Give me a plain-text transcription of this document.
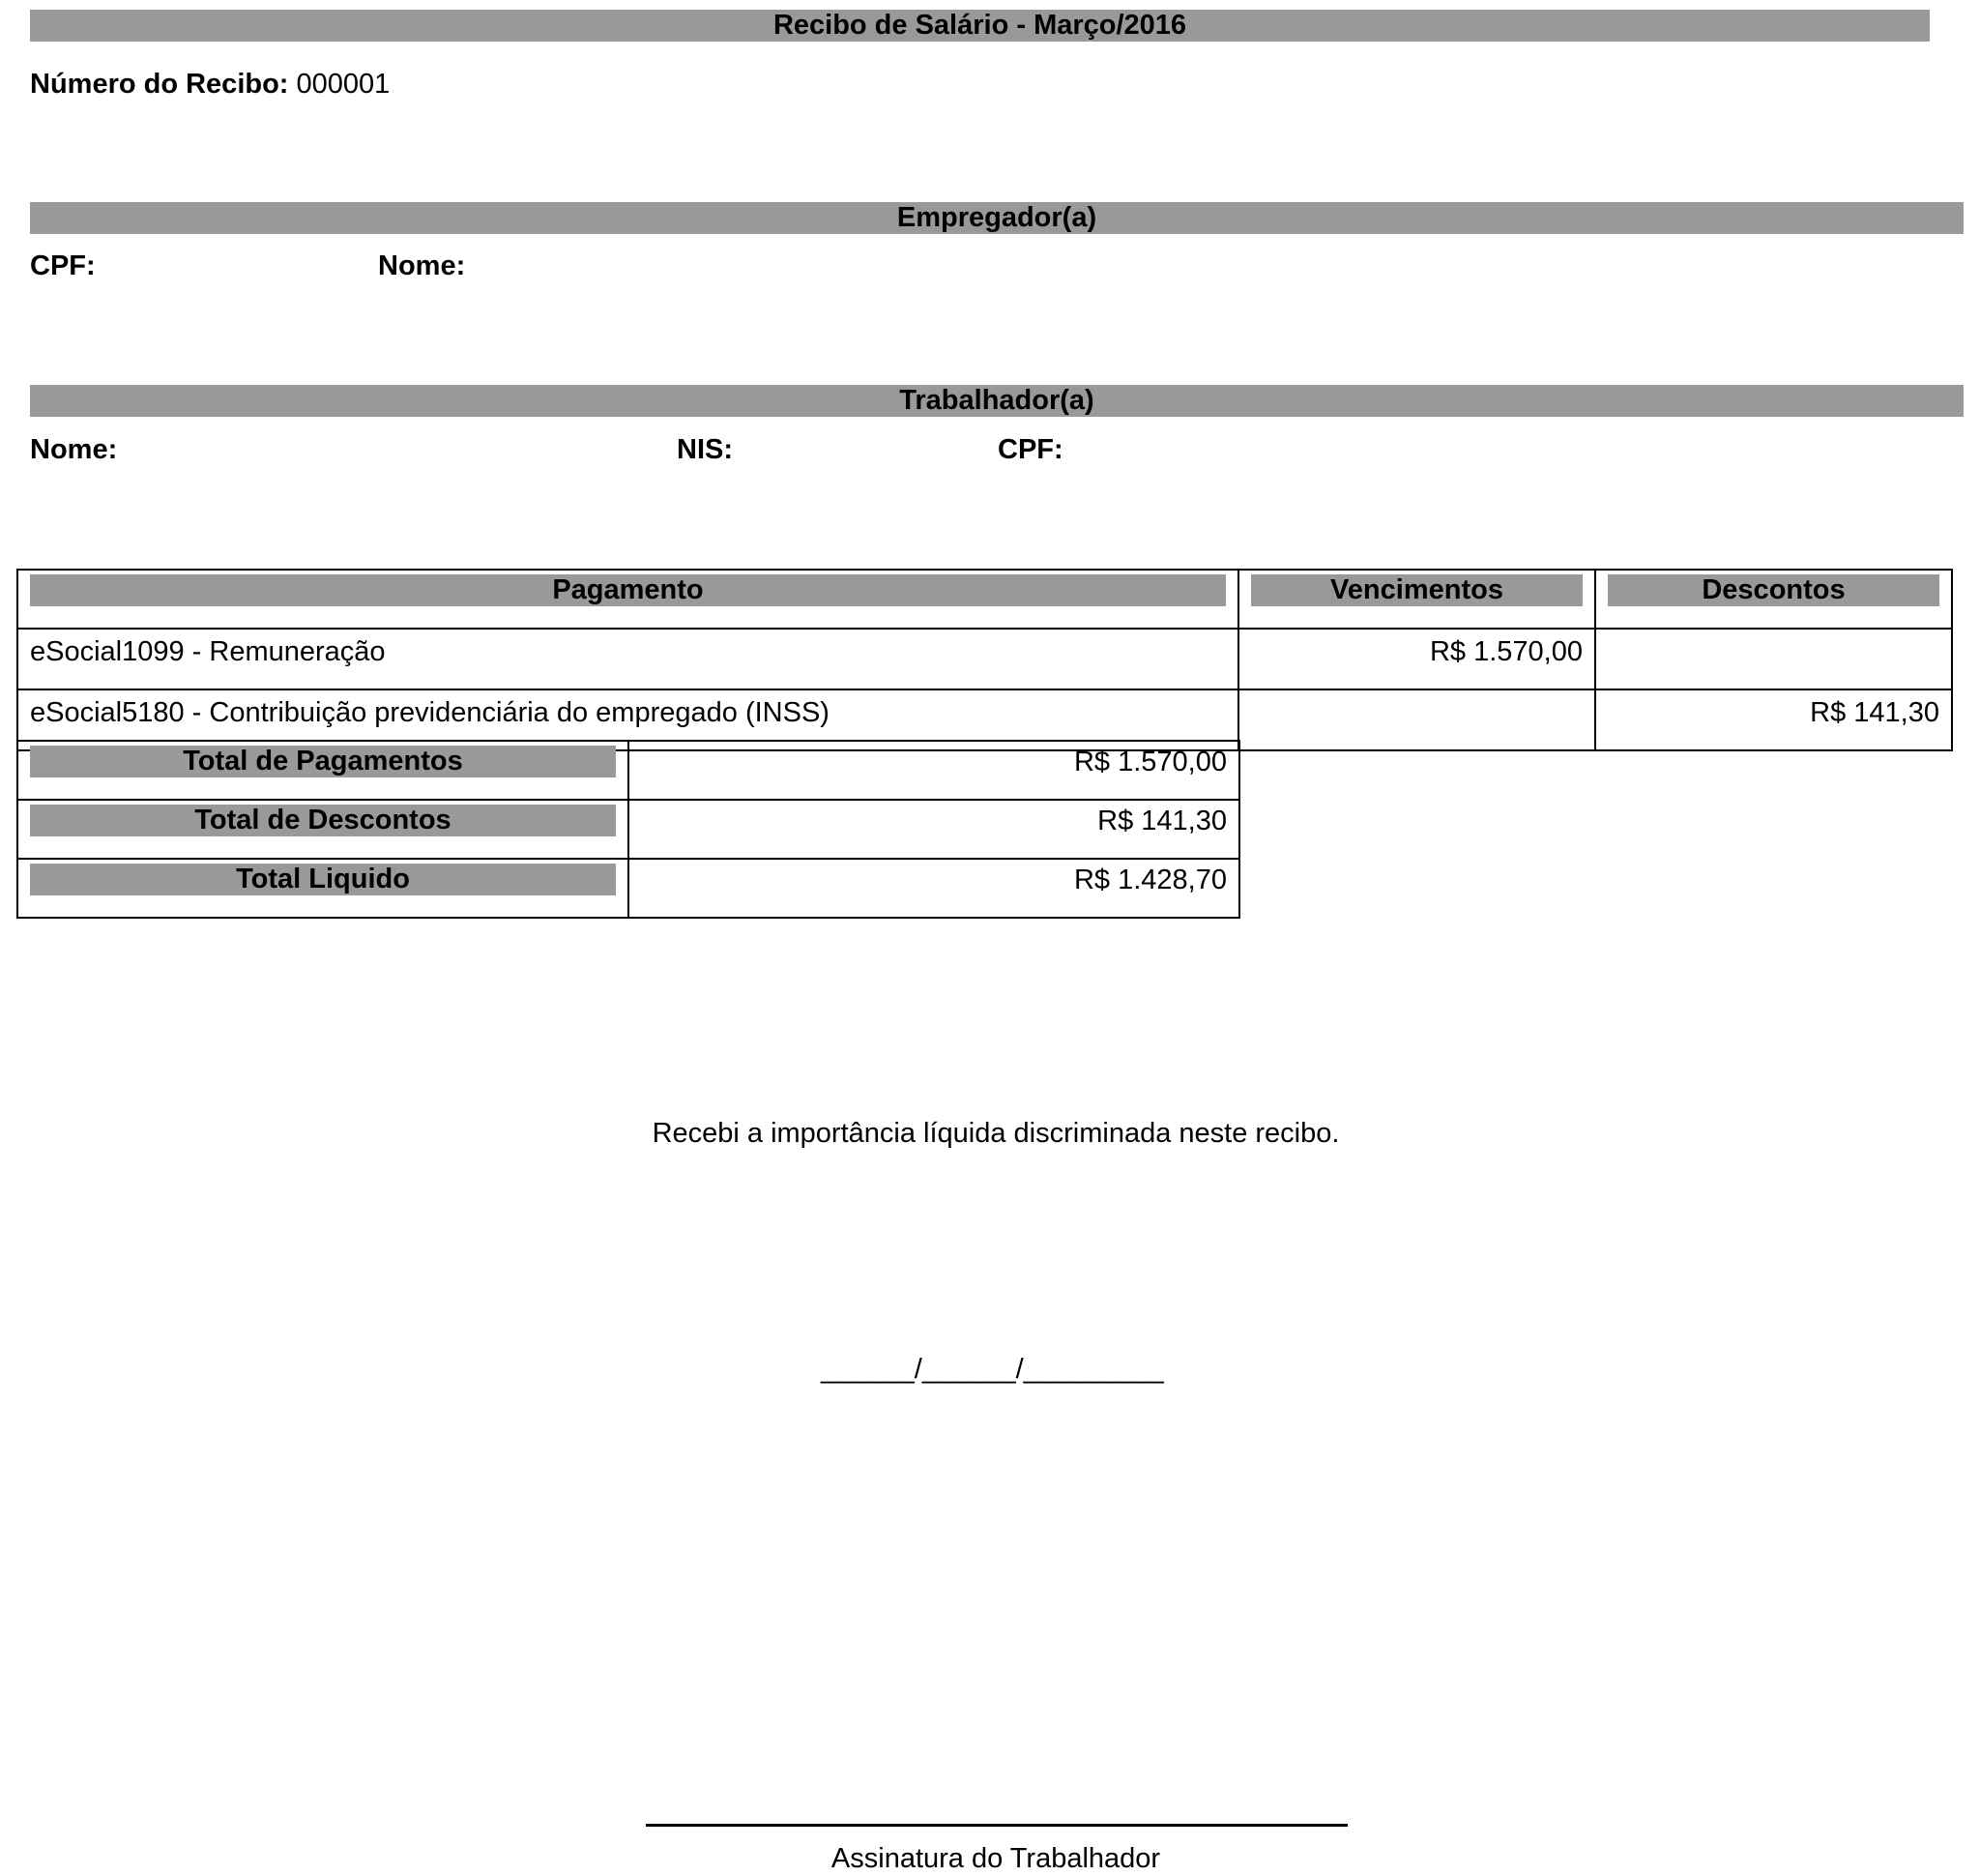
Recibo de Salário - Março/2016
Número do Recibo: 000001
Empregador(a)
CPF:	Nome:
Trabalhador(a)
Nome:	NIS:	CPF:
Pagamento	Vencimentos	Descontos

eSocial1099 - Remuneração	R$ 1.570,00	
eSocial5180 - Contribuição previdenciária do empregado (INSS)		R$ 141,30
Total de Pagamentos	R$ 1.570,00

Total de Descontos	R$ 141,30

Total Liquido	R$ 1.428,70
Recebi a importância líquida discriminada neste recibo.
______/______/_________
Assinatura do Trabalhador
